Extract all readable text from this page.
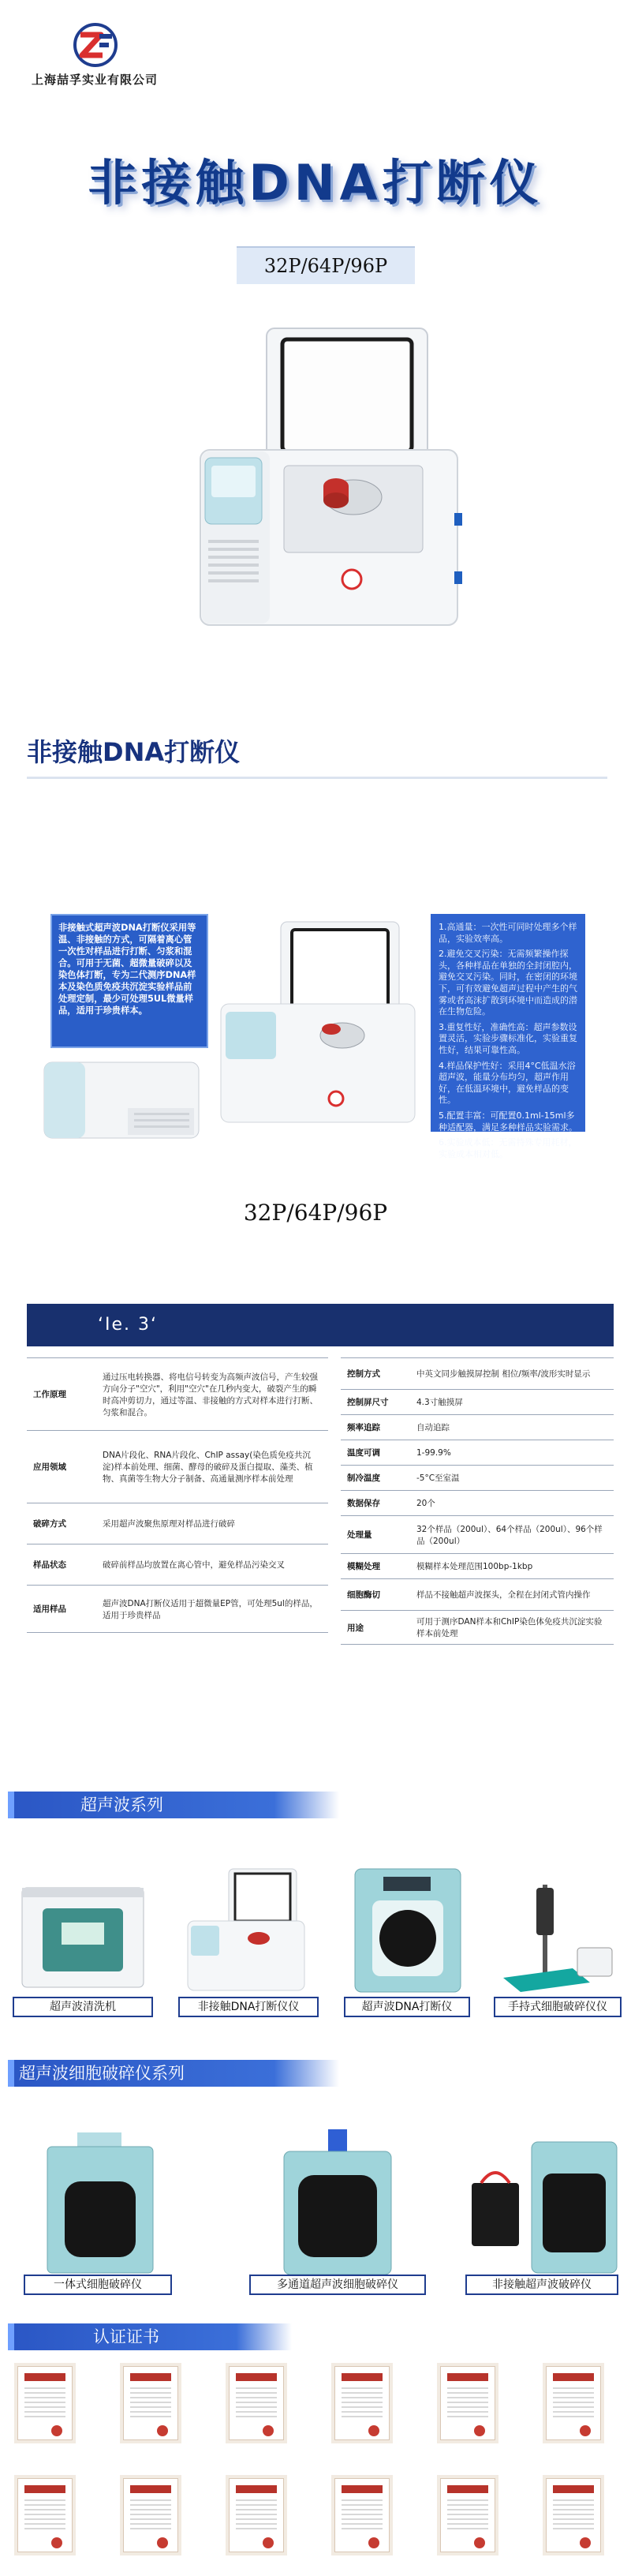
上海喆孚实业有限公司
非接触DNA打断仪
32P/64P/96P
非接触DNA打断仪
非接触式超声波DNA打断仪采用等温、非接触的方式，可隔着离心管一次性对样品进行打断、匀浆和混合。可用于无菌、超微量破碎以及染色体打断，专为二代测序DNA样本及染色质免疫共沉淀实验样品前处理定制，最少可处理5UL微量样品，适用于珍贵样本。

1.高通量：一次性可同时处理多个样品，实验效率高。

2.避免交叉污染：无需频繁操作探头，各种样品在单独的全封闭腔内，避免交叉污染。同时，在密闭的环境下，可有效避免超声过程中产生的气雾或者高沫扩散到环境中而造成的潜在生物危险。

3.重复性好，准确性高：超声参数设置灵活，实验步骤标准化，实验重复性好，结果可靠性高。

4.样品保护性好：采用4°C低温水浴超声波，能量分布均匀，超声作用好，在低温环境中，避免样品的变性。

5.配置丰富：可配置0.1ml-15ml多种适配器，满足多种样品实验需求。

6.实验成本低：无需特殊专用耗材，实验成本相对低。

32P/64P/96P
ʻIe. 3ʻ
工作原理	通过压电转换器、将电信号转变为高频声波信号，产生较强方向分子"空穴"，利用"空穴"在几秒内变大，破裂产生的瞬时高冲剪切力，通过等温、非接触的方式对样本进行打断、匀浆和混合。
应用领域	DNA片段化、RNA片段化、ChIP assay(染色质免疫共沉淀)样本前处理、细菌、酵母的破碎及蛋白提取、藻类、植物、真菌等生物大分子制备、高通量测序样本前处理
破碎方式	采用超声波聚焦原理对样品进行破碎
样品状态	破碎前样品均放置在离心管中，避免样品污染交叉
适用样品	超声波DNA打断仪适用于超微量EP管，可处理5ul的样品，适用于珍贵样品
控制方式	中英文同步触摸屏控制 相位/频率/波形实时显示
控制屏尺寸	4.3寸触摸屏
频率追踪	自动追踪
温度可调	1-99.9%
制冷温度	-5°C至室温
数据保存	20个
处理量	32个样品（200ul）、64个样品（200ul）、96个样品（200ul）
模糊处理	模糊样本处理范围100bp-1kbp
细胞酶切	样品不接触超声波探头，全程在封闭式管内操作
用途	可用于测序DAN样本和ChIP染色体免疫共沉淀实验样本前处理
超声波系列
超声波清洗机	非接触DNA打断仪仪	超声波DNA打断仪	手持式细胞破碎仪仪
超声波细胞破碎仪系列
一体式细胞破碎仪	多通道超声波细胞破碎仪	非接触超声波破碎仪
认证证书
